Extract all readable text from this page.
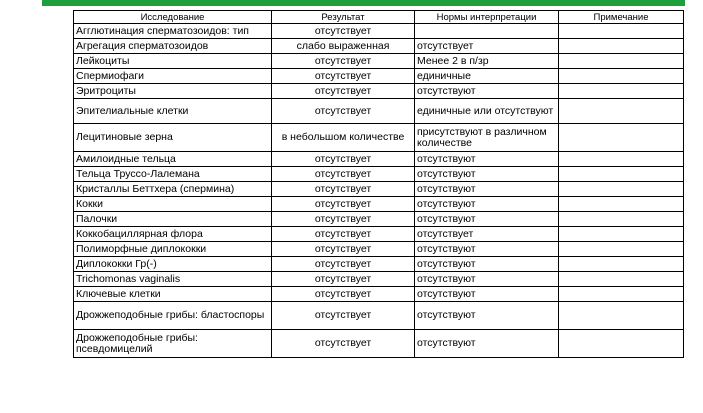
Исследование	Результат	Нормы интерпретации	Примечание
Агглютинация сперматозоидов: тип	отсутствует		
Агрегация сперматозоидов	слабо выраженная	отсутствует	
Лейкоциты	отсутствует	Менее 2 в п/зр	
Спермиофаги	отсутствует	единичные	
Эритроциты	отсутствует	отсутствуют	
Эпителиальные клетки	отсутствует	единичные или отсутствуют	
Лецитиновые зерна	в небольшом количестве	присутствуют в различном количестве	
Амилоидные тельца	отсутствует	отсутствуют	
Тельца Труссо-Лалемана	отсутствует	отсутствуют	
Кристаллы Беттхера (спермина)	отсутствует	отсутствуют	
Кокки	отсутствует	отсутствуют	
Палочки	отсутствует	отсутствуют	
Коккобациллярная флора	отсутствует	отсутствует	
Полиморфные диплококки	отсутствует	отсутствуют	
Диплококки Гр(-)	отсутствует	отсутствуют	
Trichomonas vaginalis	отсутствует	отсутствуют	
Ключевые клетки	отсутствует	отсутствуют	
Дрожжеподобные грибы: бластоспоры	отсутствует	отсутствуют	
Дрожжеподобные грибы: псевдомицелий	отсутствует	отсутствуют	
